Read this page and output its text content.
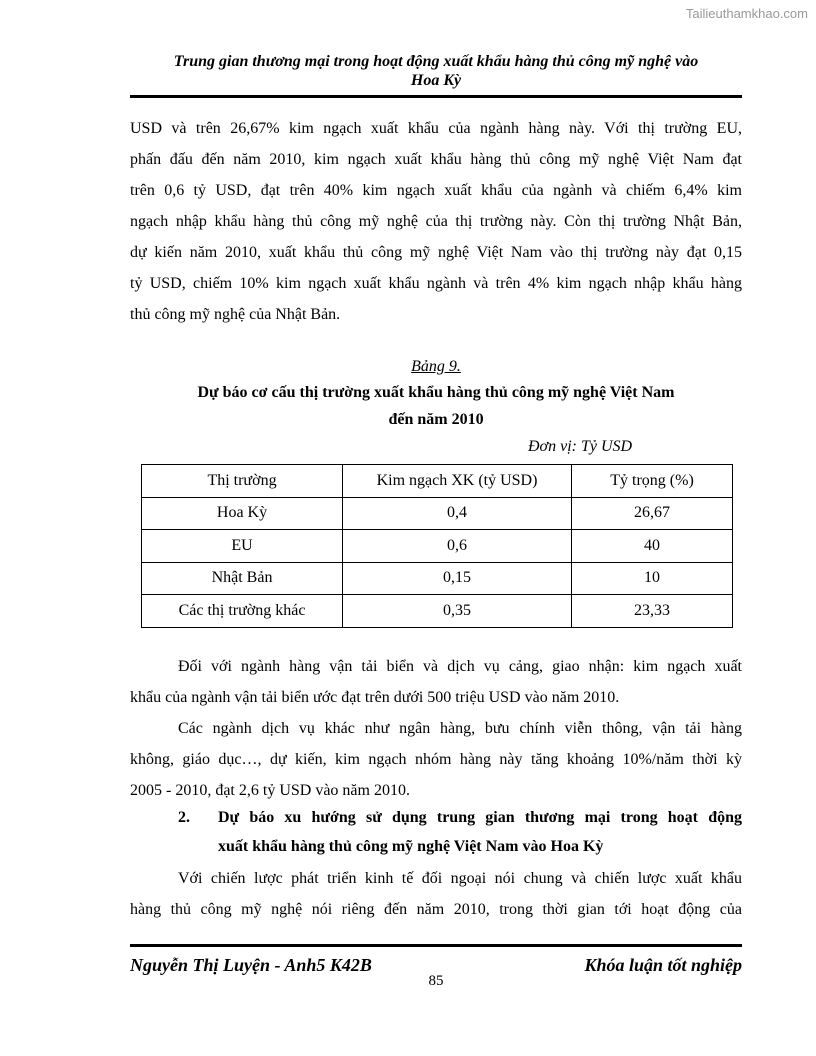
Tailieuthamkhao.com
Trung gian thương mại trong hoạt động xuất khẩu hàng thủ công mỹ nghệ vào
Hoa Kỳ
USD và trên 26,67% kim ngạch xuất khẩu của ngành hàng này. Với thị trường EU,
phấn đấu đến năm 2010, kim ngạch xuất khẩu hàng thủ công mỹ nghệ Việt Nam đạt
trên 0,6 tỷ USD, đạt trên 40% kim ngạch xuất khẩu của ngành và chiếm 6,4% kim
ngạch nhập khẩu hàng thủ công mỹ nghệ của thị trường này. Còn thị trường Nhật Bản,
dự kiến năm 2010, xuất khẩu thủ công mỹ nghệ Việt Nam vào thị trường này đạt 0,15
tỷ USD, chiếm 10% kim ngạch xuất khẩu ngành và trên 4% kim ngạch nhập khẩu hàng
thủ công mỹ nghệ của Nhật Bản.
Bảng 9.
Dự báo cơ cấu thị trường xuất khẩu hàng thủ công mỹ nghệ Việt Nam
đến năm 2010
Đơn vị: Tỷ USD
Thị trường	Kim ngạch XK (tỷ USD)	Tỷ trọng (%)
Hoa Kỳ	0,4	26,67
EU	0,6	40
Nhật Bản	0,15	10
Các thị trường khác	0,35	23,33
Đối với ngành hàng vận tải biển và dịch vụ cảng, giao nhận: kim ngạch xuất
khẩu của ngành vận tải biển ước đạt trên dưới 500 triệu USD vào năm 2010.
Các ngành dịch vụ khác như ngân hàng, bưu chính viễn thông, vận tải hàng
không, giáo dục…, dự kiến, kim ngạch nhóm hàng này tăng khoảng 10%/năm thời kỳ
2005 - 2010, đạt 2,6 tỷ USD vào năm 2010.
2. Dự báo xu hướng sử dụng trung gian thương mại trong hoạt động
xuất khẩu hàng thủ công mỹ nghệ Việt Nam vào Hoa Kỳ
Với chiến lược phát triển kinh tế đối ngoại nói chung và chiến lược xuất khẩu
hàng thủ công mỹ nghệ nói riêng đến năm 2010, trong thời gian tới hoạt động của
Nguyễn Thị Luyện - Anh5 K42B	Khóa luận tốt nghiệp
85
